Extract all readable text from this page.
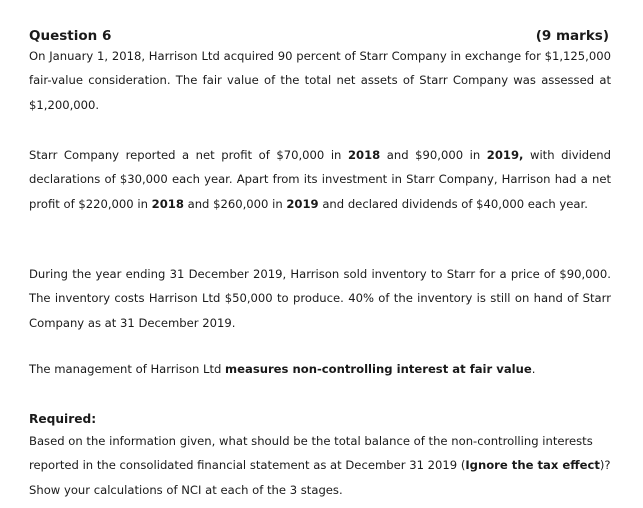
Question 6	(9 marks)

On January 1, 2018, Harrison Ltd acquired 90 percent of Starr Company in exchange for $1,125,000 fair-value consideration. The fair value of the total net assets of Starr Company was assessed at $1,200,000.

Starr Company reported a net profit of $70,000 in 2018 and $90,000 in 2019, with dividend declarations of $30,000 each year. Apart from its investment in Starr Company, Harrison had a net profit of $220,000 in 2018 and $260,000 in 2019 and declared dividends of $40,000 each year.

During the year ending 31 December 2019, Harrison sold inventory to Starr for a price of $90,000. The inventory costs Harrison Ltd $50,000 to produce. 40% of the inventory is still on hand of Starr Company as at 31 December 2019.

The management of Harrison Ltd measures non-controlling interest at fair value.

Required:

Based on the information given, what should be the total balance of the non-controlling interests reported in the consolidated financial statement as at December 31 2019 (Ignore the tax effect)? Show your calculations of NCI at each of the 3 stages.
